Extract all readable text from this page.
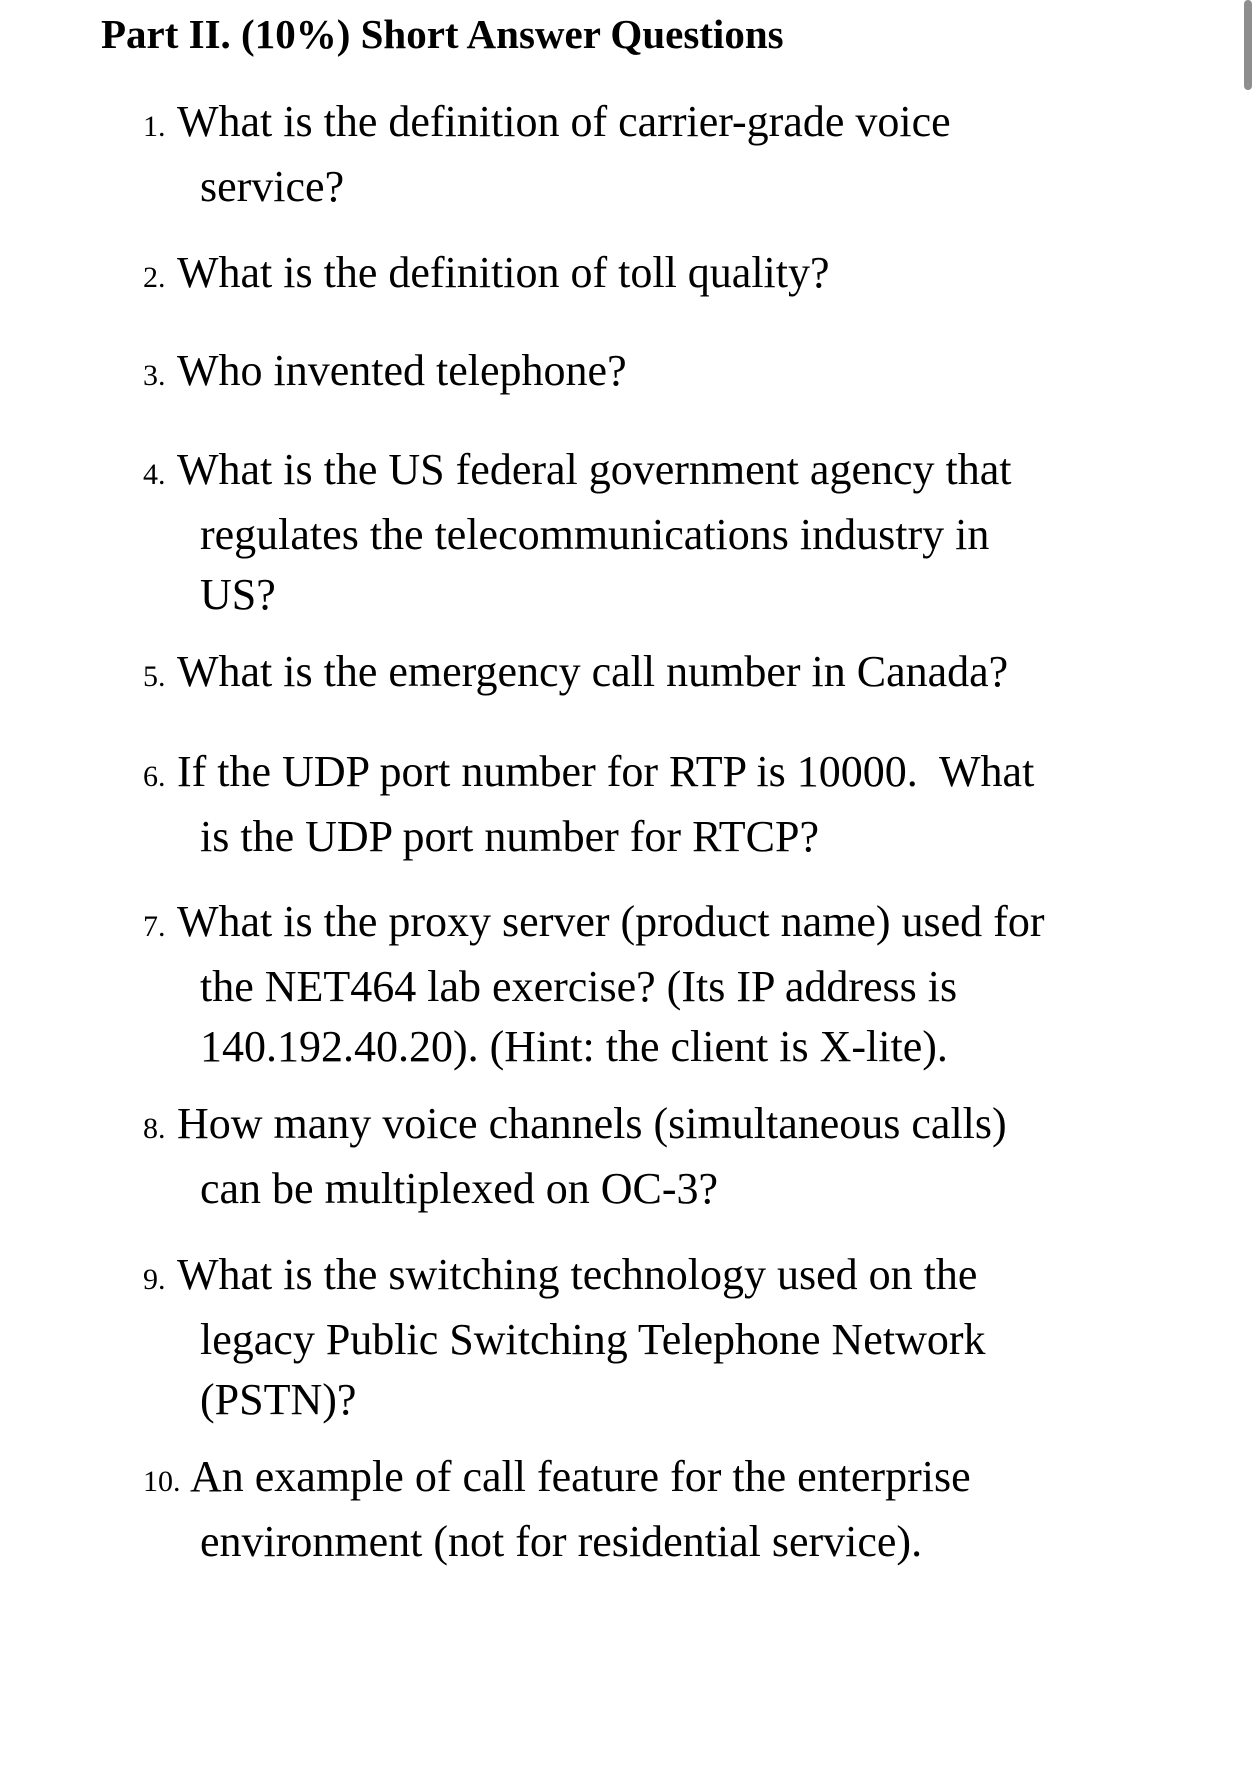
Part II. (10%) Short Answer Questions
1. What is the definition of carrier-grade voice
service?
2. What is the definition of toll quality?
3. Who invented telephone?
4. What is the US federal government agency that
regulates the telecommunications industry in
US?
5. What is the emergency call number in Canada?
6. If the UDP port number for RTP is 10000.  What
is the UDP port number for RTCP?
7. What is the proxy server (product name) used for
the NET464 lab exercise? (Its IP address is
140.192.40.20). (Hint: the client is X-lite).
8. How many voice channels (simultaneous calls)
can be multiplexed on OC-3?
9. What is the switching technology used on the
legacy Public Switching Telephone Network
(PSTN)?
10. An example of call feature for the enterprise
environment (not for residential service).
